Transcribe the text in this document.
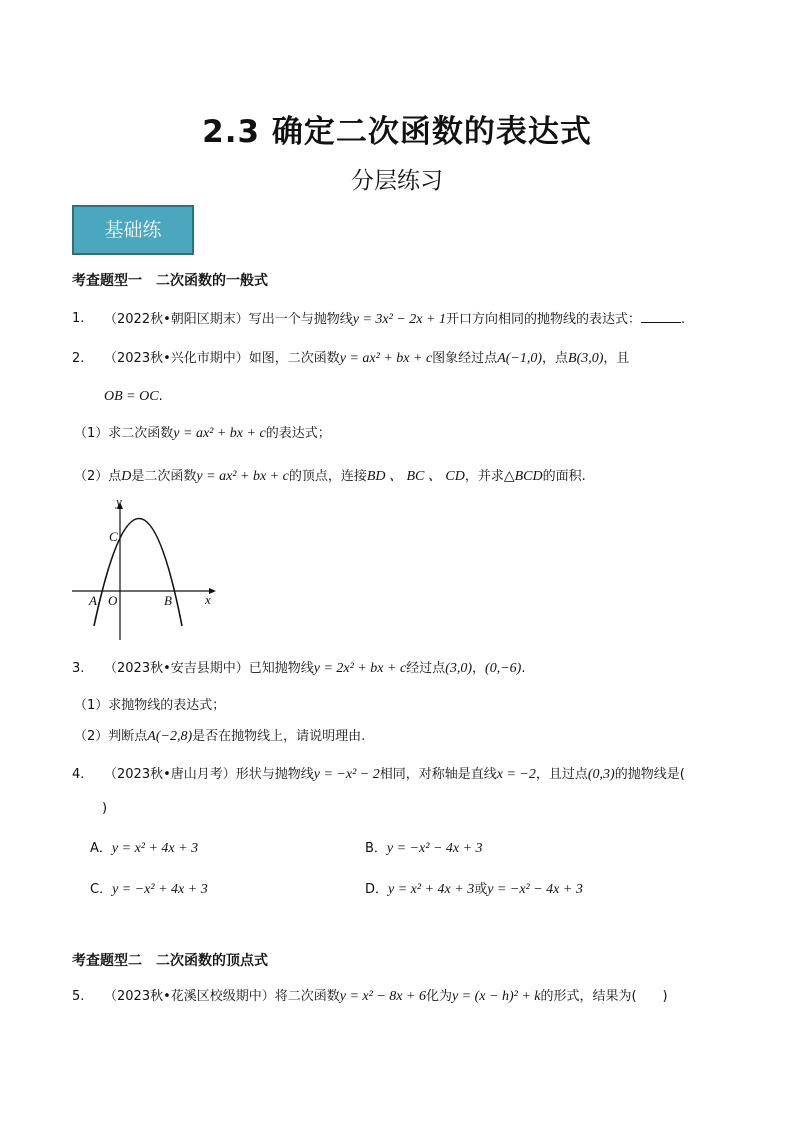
2.3 确定二次函数的表达式
分层练习
基础练
考查题型一　二次函数的一般式
1. （2022秋•朝阳区期末）写出一个与抛物线y = 3x² − 2x + 1开口方向相同的抛物线的表达式：	.
2. （2023秋•兴化市期中）如图，二次函数y = ax² + bx + c图象经过点A(−1,0)，点B(3,0)，且
OB = OC.
（1）求二次函数y = ax² + bx + c的表达式；
（2）点D是二次函数y = ax² + bx + c的顶点，连接BD 、 BC 、 CD，并求△BCD的面积.
y
x
C
A O	B
3. （2023秋•安吉县期中）已知抛物线y = 2x² + bx + c经过点(3,0)，(0,−6).
（1）求抛物线的表达式；
（2）判断点A(−2,8)是否在抛物线上，请说明理由.
4. （2023秋•唐山月考）形状与抛物线y = −x² − 2相同，对称轴是直线x = −2，且过点(0,3)的抛物线是(
)
A．y = x² + 4x + 3	B．y = −x² − 4x + 3
C．y = −x² + 4x + 3	D．y = x² + 4x + 3或y = −x² − 4x + 3
考查题型二　二次函数的顶点式
5. （2023秋•花溪区校级期中）将二次函数y = x² − 8x + 6化为y = (x − h)² + k的形式，结果为(　　)
